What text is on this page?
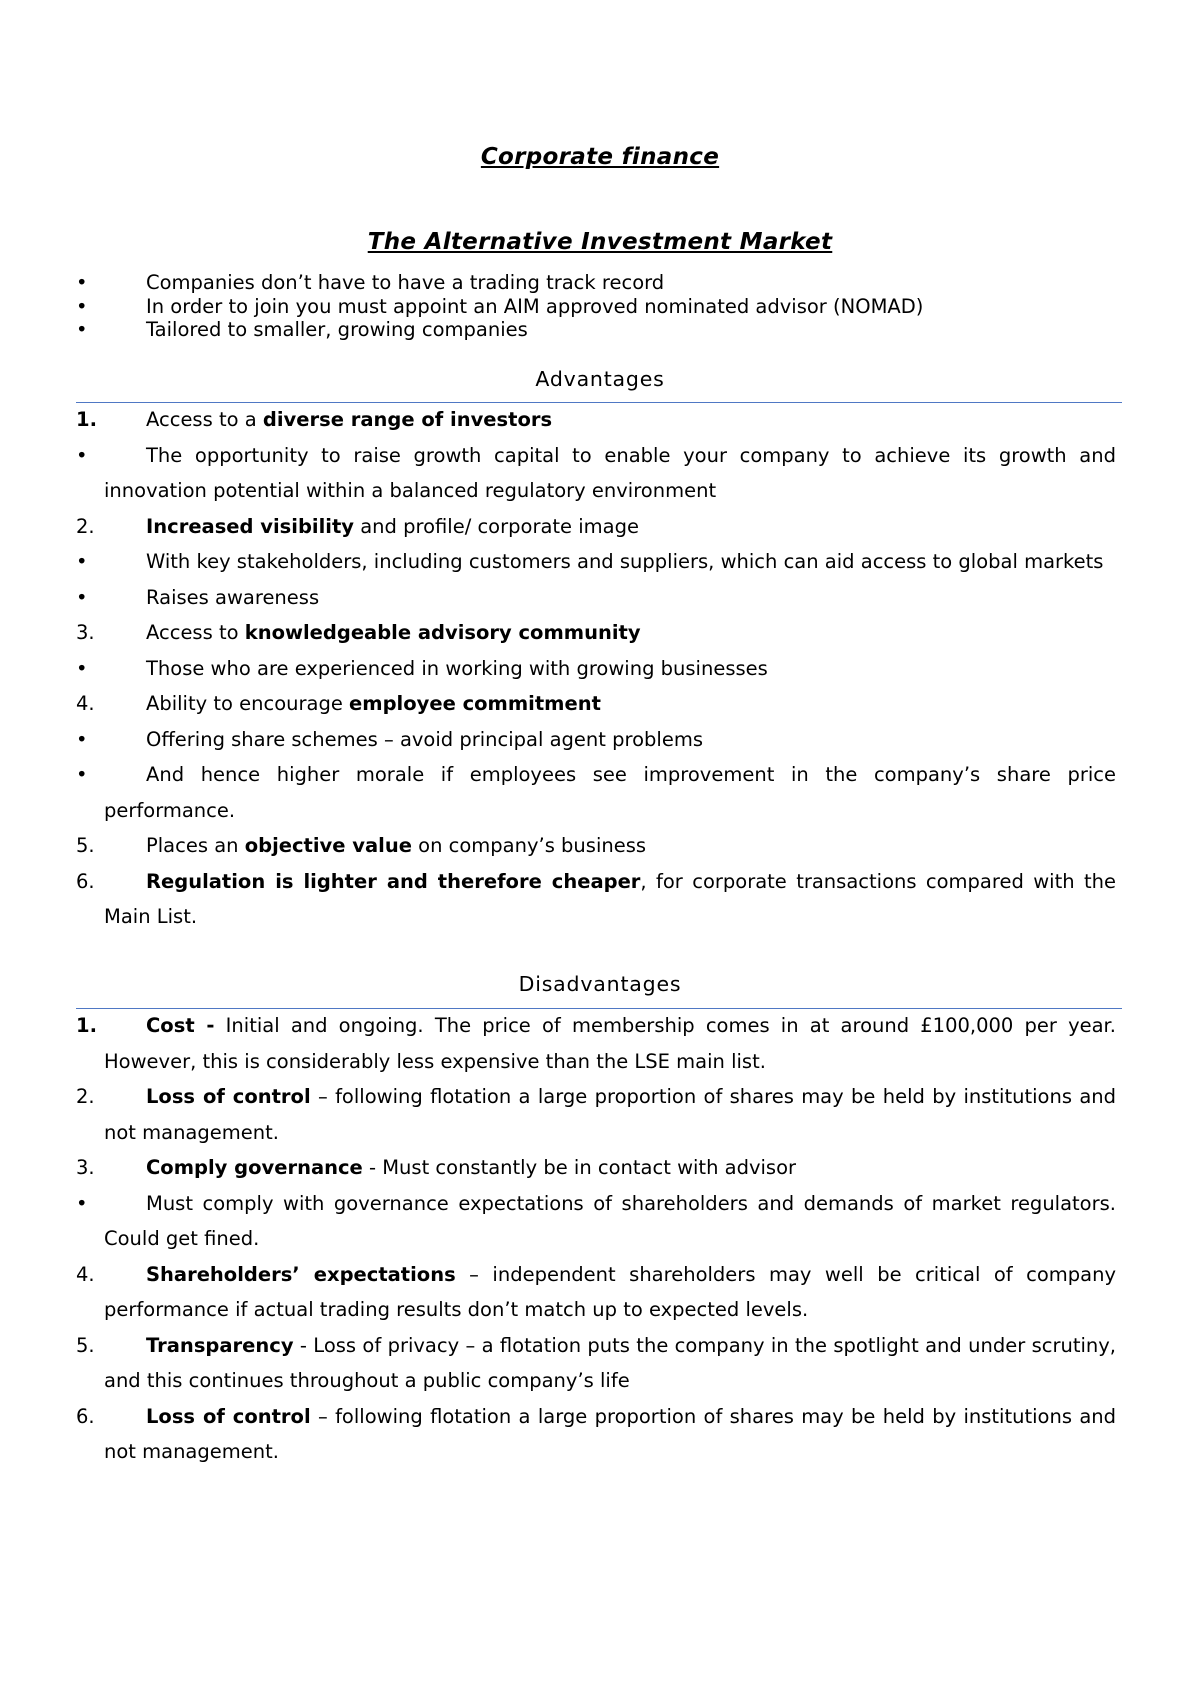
Corporate finance
The Alternative Investment Market
•	Companies don’t have to have a trading track record
•	In order to join you must appoint an AIM approved nominated advisor (NOMAD)
•	Tailored to smaller, growing companies
Advantages
1.	Access to a diverse range of investors
•	The opportunity to raise growth capital to enable your company to achieve its growth and innovation potential within a balanced regulatory environment
2.	Increased visibility and profile/ corporate image
•	With key stakeholders, including customers and suppliers, which can aid access to global markets
•	Raises awareness
3.	Access to knowledgeable advisory community
•	Those who are experienced in working with growing businesses
4.	Ability to encourage employee commitment
•	Offering share schemes – avoid principal agent problems
•	And hence higher morale if employees see improvement in the company’s share price performance.
5.	Places an objective value on company’s business
6.	Regulation is lighter and therefore cheaper, for corporate transactions compared with the Main List.
Disadvantages
1.	Cost - Initial and ongoing. The price of membership comes in at around £100,000 per year. However, this is considerably less expensive than the LSE main list.
2.	Loss of control – following flotation a large proportion of shares may be held by institutions and not management.
3.	Comply governance - Must constantly be in contact with advisor
•	Must comply with governance expectations of shareholders and demands of market regulators. Could get fined.
4.	Shareholders’ expectations – independent shareholders may well be critical of company performance if actual trading results don’t match up to expected levels.
5.	Transparency - Loss of privacy – a flotation puts the company in the spotlight and under scrutiny, and this continues throughout a public company’s life
6.	Loss of control – following flotation a large proportion of shares may be held by institutions and not management.
